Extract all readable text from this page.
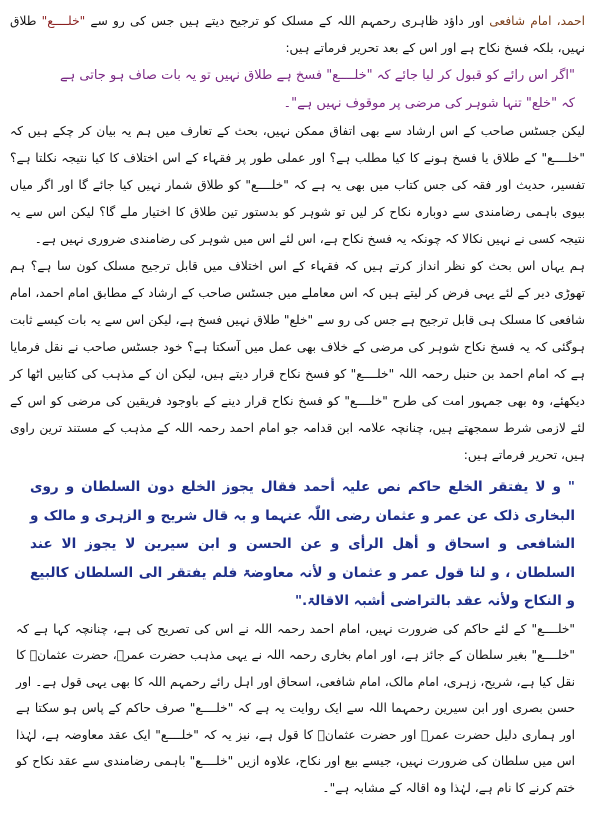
احمد، امام شافعی اور داؤد ظاہری رحمہم اللہ کے مسلک کو ترجیح دیتے ہیں جس کی رو سے "خلــــع" طلاق نہیں، بلکہ فسخ نکاح ہے اور اس کے بعد تحریر فرماتے ہیں:

"اگر اس رائے کو قبول کر لیا جائے کہ "خلــــع" فسخ ہے طلاق نہیں تو یہ بات صاف ہو جاتی ہے کہ "خلع" تنہا شوہر کی مرضی پر موقوف نہیں ہے"۔

لیکن جسٹس صاحب کے اس ارشاد سے بھی اتفاق ممکن نہیں، بحث کے تعارف میں ہم یہ بیان کر چکے ہیں کہ "خلــــع" کے طلاق یا فسخ ہونے کا کیا مطلب ہے؟ اور عملی طور پر فقہاء کے اس اختلاف کا کیا نتیجہ نکلتا ہے؟ تفسیر، حدیث اور فقہ کی جس کتاب میں بھی یہ ہے کہ "خلــــع" کو طلاق شمار نہیں کیا جائے گا اور اگر میاں بیوی باہمی رضامندی سے دوبارہ نکاح کر لیں تو شوہر کو بدستور تین طلاق کا اختیار ملے گا؟ لیکن اس سے یہ نتیجہ کسی نے نہیں نکالا کہ چونکہ یہ فسخ نکاح ہے، اس لئے اس میں شوہر کی رضامندی ضروری نہیں ہے۔

ہم یہاں اس بحث کو نظر انداز کرتے ہیں کہ فقہاء کے اس اختلاف میں قابل ترجیح مسلک کون سا ہے؟ ہم تھوڑی دیر کے لئے یہی فرض کر لیتے ہیں کہ اس معاملے میں جسٹس صاحب کے ارشاد کے مطابق امام احمد، امام شافعی کا مسلک ہی قابل ترجیح ہے جس کی رو سے "خلع" طلاق نہیں فسخ ہے، لیکن اس سے یہ بات کیسے ثابت ہوگئی کہ یہ فسخ نکاح شوہر کی مرضی کے خلاف بھی عمل میں آسکتا ہے؟ خود جسٹس صاحب نے نقل فرمایا ہے کہ امام احمد بن حنبل رحمہ اللہ "خلــــع" کو فسخ نکاح قرار دیتے ہیں، لیکن ان کے مذہب کی کتابیں اٹھا کر دیکھئے، وہ بھی جمہور امت کی طرح "خلــــع" کو فسخ نکاح قرار دینے کے باوجود فریقین کی مرضی کو اس کے لئے لازمی شرط سمجھتے ہیں، چنانچہ علامہ ابن قدامہ جو امام احمد رحمہ اللہ کے مذہب کے مستند ترین راوی ہیں، تحریر فرماتے ہیں:

" و لا یفتقر الخلع حاکم نص علیہ أحمد فقال یجوز الخلع دون السلطان و روی البخاری ذلک عن عمر و عثمان رضی اللّٰہ عنہما و بہ قال شریح و الزہری و مالک و الشافعی و اسحاق و أهل الرأی و عن الحسن و ابن سیرین لا یجوز الا عند السلطان ، و لنا قول عمر و عثمان و لأنہ معاوضۃ فلم یفتقر الی السلطان کالبیع و النکاح ولأنہ عقد بالتراضی أشبہ الاقالۃ."

"خلــــع" کے لئے حاکم کی ضرورت نہیں، امام احمد رحمہ اللہ نے اس کی تصریح کی ہے، چنانچہ کہا ہے کہ "خلــــع" بغیر سلطان کے جائز ہے، اور امام بخاری رحمہ اللہ نے یہی مذہب حضرت عمرؓ، حضرت عثمانؓ کا نقل کیا ہے، شریح، زہری، امام مالک، امام شافعی، اسحاق اور اہل رائے رحمہم اللہ کا بھی یہی قول ہے۔ اور حسن بصری اور ابن سیرین رحمہما اللہ سے ایک روایت یہ ہے کہ "خلــــع" صرف حاکم کے پاس ہو سکتا ہے اور ہماری دلیل حضرت عمرؓ اور حضرت عثمانؓ کا قول ہے، نیز یہ کہ "خلــــع" ایک عقد معاوضہ ہے، لہٰذا اس میں سلطان کی ضرورت نہیں، جیسے بیع اور نکاح، علاوہ ازیں "خلــــع" باہمی رضامندی سے عقد نکاح کو ختم کرنے کا نام ہے، لہٰذا وہ اقالہ کے مشابہ ہے"۔
